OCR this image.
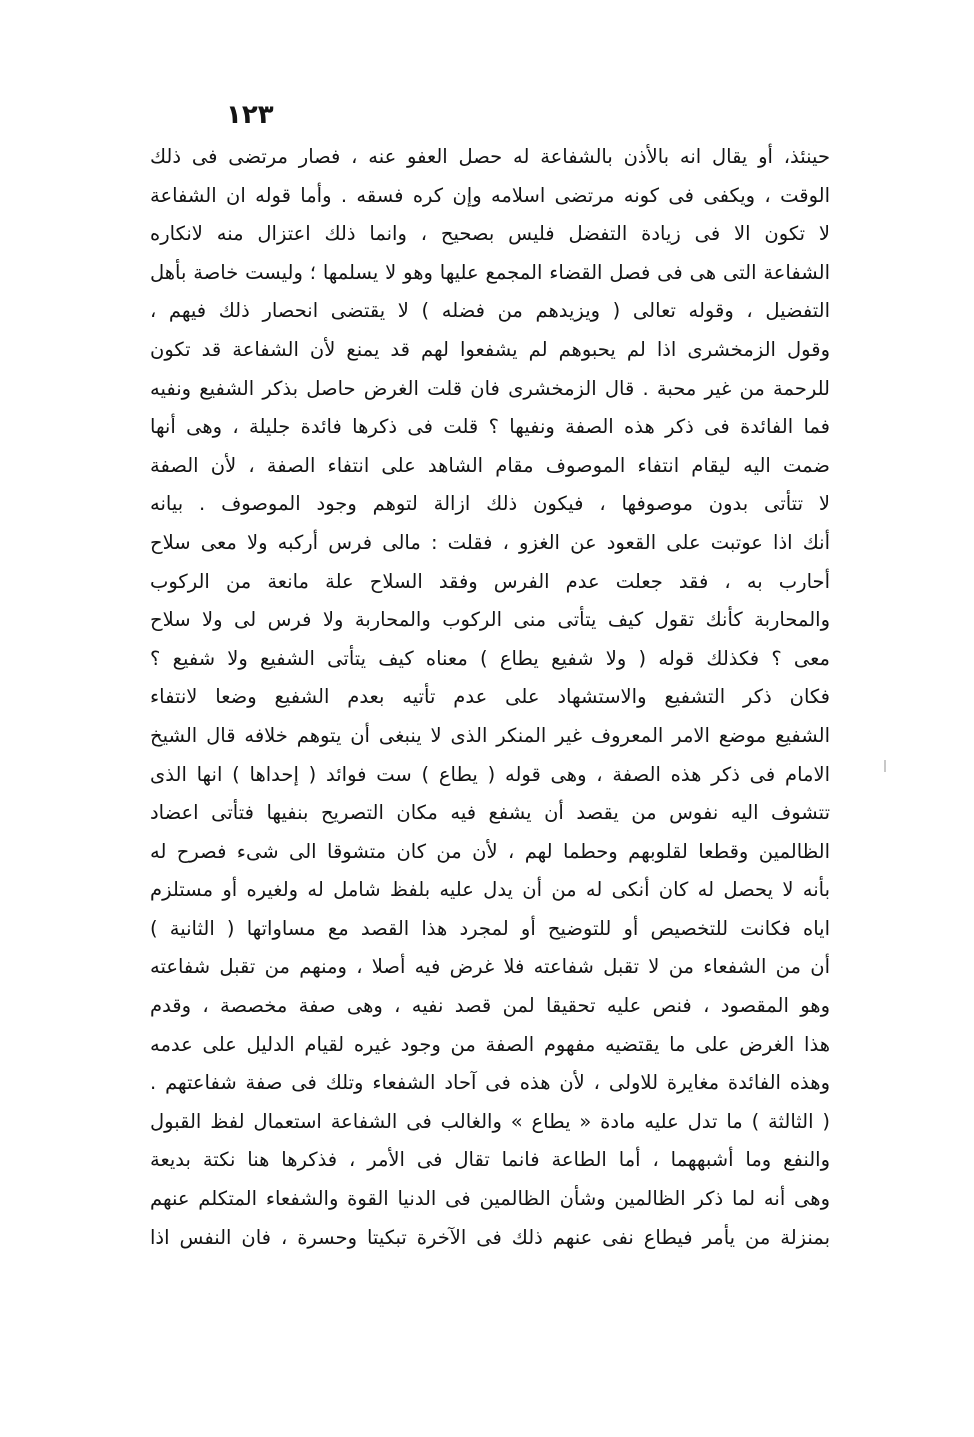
١٢٣
حينئذ، أو يقال انه بالأذن بالشفاعة له حصل العفو عنه ، فصار مرتضى فى ذلك
الوقت ، ويكفى فى كونه مرتضى اسلامه وإن كره فسقه . وأما قوله ان الشفاعة
لا تكون الا فى زيادة التفضل فليس بصحيح ، وانما ذلك اعتزال منه لانكاره
الشفاعة التى هى فى فصل القضاء المجمع عليها وهو لا يسلمها ؛ وليست خاصة بأهل
التفضيل ، وقوله تعالى ( ويزيدهم من فضله ) لا يقتضى انحصار ذلك فيهم ،
وقول الزمخشرى اذا لم يحبوهم لم يشفعوا لهم قد يمنع لأن الشفاعة قد تكون
للرحمة من غير محبة . قال الزمخشرى فان قلت الغرض حاصل بذكر الشفيع ونفيه
فما الفائدة فى ذكر هذه الصفة ونفيها ؟ قلت فى ذكرها فائدة جليلة ، وهى أنها
ضمت اليه ليقام انتفاء الموصوف مقام الشاهد على انتفاء الصفة ، لأن الصفة
لا تتأتى بدون موصوفها ، فيكون ذلك ازالة لتوهم وجود الموصوف . بيانه
أنك اذا عوتبت على القعود عن الغزو ، فقلت : مالى فرس أركبه ولا معى سلاح
أحارب به ، فقد جعلت عدم الفرس وفقد السلاح علة مانعة من الركوب
والمحاربة كأنك تقول كيف يتأتى منى الركوب والمحاربة ولا فرس لى ولا سلاح
معى ؟ فكذلك قوله ( ولا شفيع يطاع ) معناه كيف يتأتى الشفيع ولا شفيع ؟
فكان ذكر التشفيع والاستشهاد على عدم تأتيه بعدم الشفيع وضعا لانتفاء
الشفيع موضع الامر المعروف غير المنكر الذى لا ينبغى أن يتوهم خلافه قال الشيخ
الامام فى ذكر هذه الصفة ، وهى قوله ( يطاع ) ست فوائد ( إحداها ) انها الذى
تتشوف اليه نفوس من يقصد أن يشفع فيه مكان التصريح بنفيها فتأتى اعضاد
الظالمين وقطعا لقلوبهم وحطما لهم ، لأن من كان متشوقا الى شىء فصرح له
بأنه لا يحصل له كان أنكى له من أن يدل عليه بلفظ شامل له ولغيره أو مستلزم
اياه فكانت للتخصيص أو للتوضيح أو لمجرد هذا القصد مع مساواتها ( الثانية )
أن من الشفعاء من لا تقبل شفاعته فلا غرض فيه أصلا ، ومنهم من تقبل شفاعته
وهو المقصود ، فنص عليه تحقيقا لمن قصد نفيه ، وهى صفة مخصصة ، وقدم
هذا الغرض على ما يقتضيه مفهوم الصفة من وجود غيره لقيام الدليل على عدمه
وهذه الفائدة مغايرة للاولى ، لأن هذه فى آحاد الشفعاء وتلك فى صفة شفاعتهم .
( الثالثة ) ما تدل عليه مادة « يطاع » والغالب فى الشفاعة استعمال لفظ القبول
والنفع وما أشبههما ، أما الطاعة فانما تقال فى الأمر ، فذكرها هنا نكتة بديعة
وهى أنه لما ذكر الظالمين وشأن الظالمين فى الدنيا القوة والشفعاء المتكلم عنهم
بمنزلة من يأمر فيطاع نفى عنهم ذلك فى الآخرة تبكيتا وحسرة ، فان النفس اذا
